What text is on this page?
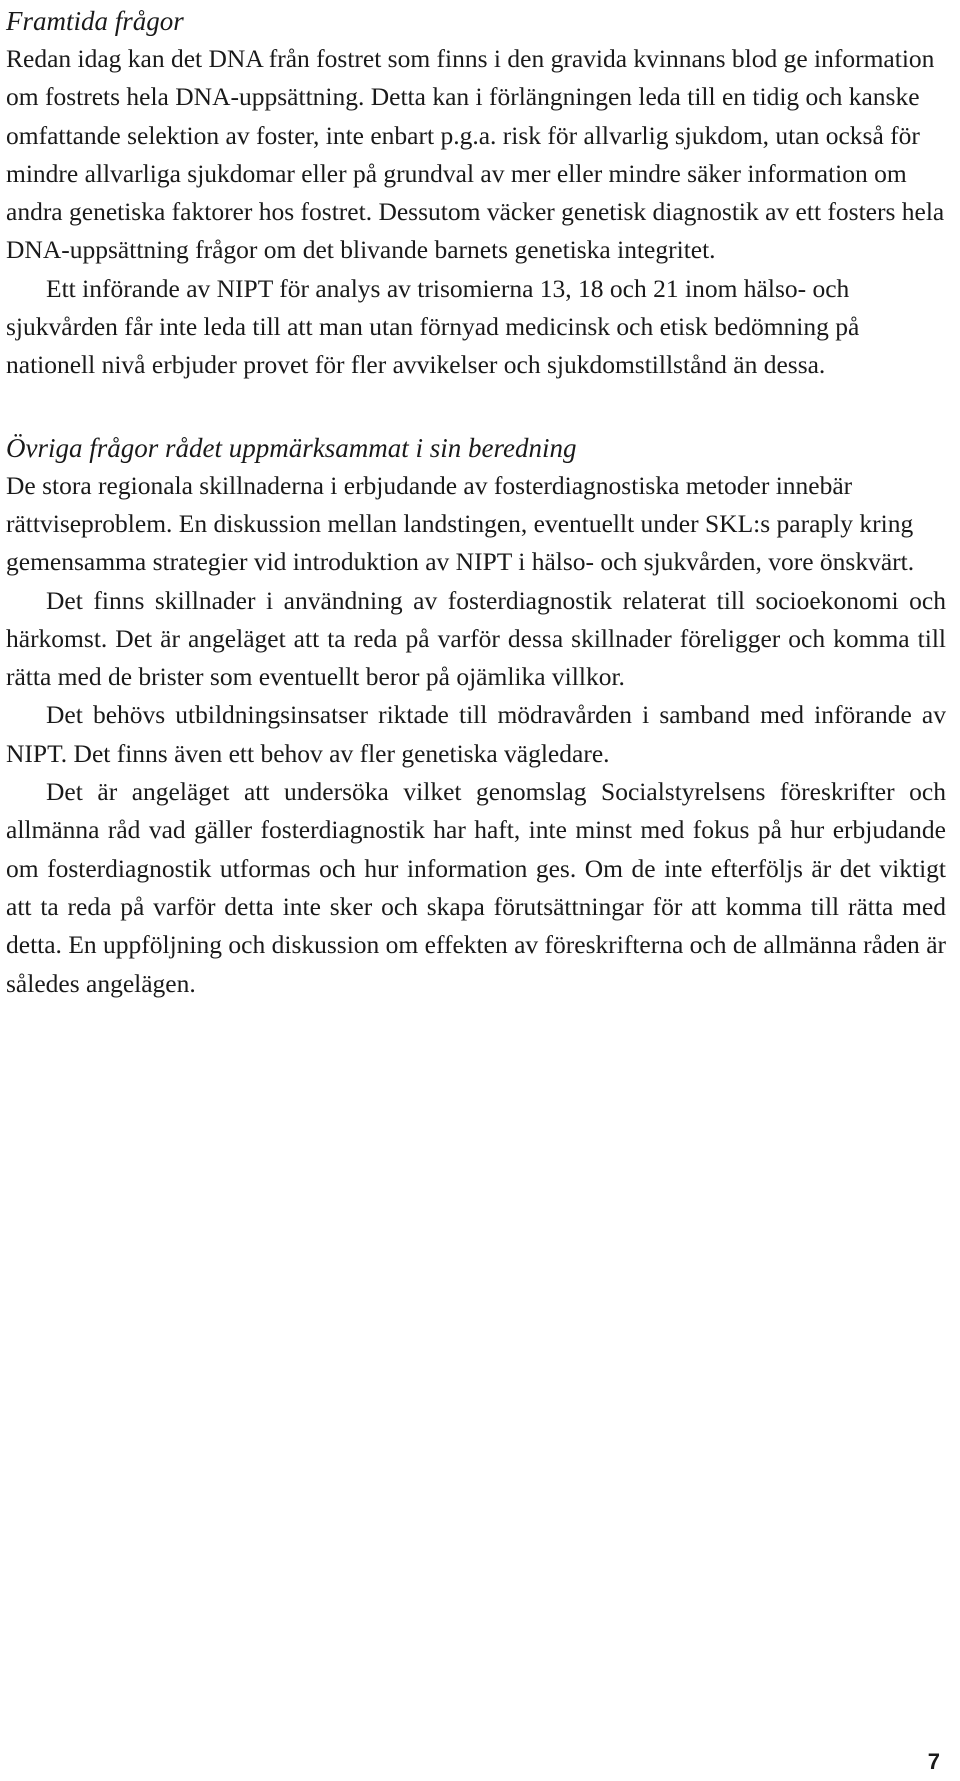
Framtida frågor

Redan idag kan det DNA från fostret som finns i den gravida kvinnans blod ge information om fostrets hela DNA-uppsättning. Detta kan i förlängningen leda till en tidig och kanske omfattande selektion av foster, inte enbart p.g.a. risk för allvarlig sjukdom, utan också för mindre allvarliga sjukdomar eller på grundval av mer eller mindre säker information om andra genetiska faktorer hos fostret. Dessutom väcker genetisk diagnostik av ett fosters hela DNA-uppsättning frågor om det blivande barnets genetiska integritet.

Ett införande av NIPT för analys av trisomierna 13, 18 och 21 inom hälso- och sjukvården får inte leda till att man utan förnyad medicinsk och etisk bedömning på nationell nivå erbjuder provet för fler avvikelser och sjukdomstillstånd än dessa.

Övriga frågor rådet uppmärksammat i sin beredning

De stora regionala skillnaderna i erbjudande av fosterdiagnostiska metoder innebär rättviseproblem. En diskussion mellan landstingen, eventuellt under SKL:s paraply kring gemensamma strategier vid introduktion av NIPT i hälso- och sjukvården, vore önskvärt.

Det finns skillnader i användning av fosterdiagnostik relaterat till socioekonomi och härkomst. Det är angeläget att ta reda på varför dessa skillnader föreligger och komma till rätta med de brister som eventuellt beror på ojämlika villkor.

Det behövs utbildningsinsatser riktade till mödravården i samband med införande av NIPT. Det finns även ett behov av fler genetiska vägledare.

Det är angeläget att undersöka vilket genomslag Socialstyrelsens föreskrifter och allmänna råd vad gäller fosterdiagnostik har haft, inte minst med fokus på hur erbjudande om fosterdiagnostik utformas och hur information ges. Om de inte efterföljs är det viktigt att ta reda på varför detta inte sker och skapa förutsättningar för att komma till rätta med detta. En uppföljning och diskussion om effekten av föreskrifterna och de allmänna råden är således angelägen.

7
